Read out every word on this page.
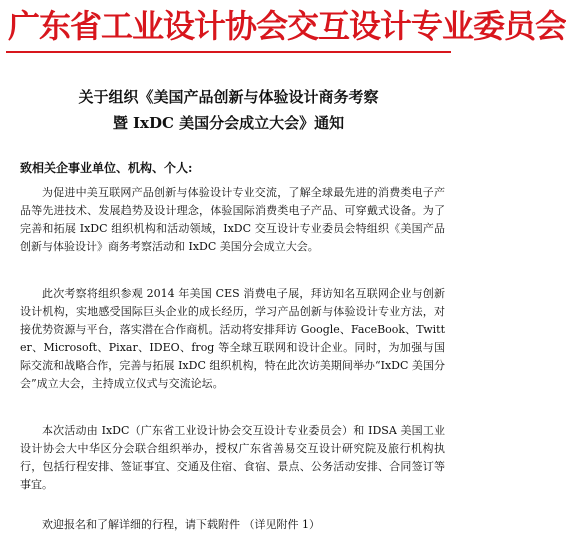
广东省工业设计协会交互设计专业委员会
关于组织《美国产品创新与体验设计商务考察
暨 IxDC 美国分会成立大会》通知
致相关企事业单位、机构、个人:
为促进中美互联网产品创新与体验设计专业交流，了解全球最先进的消费类电子产品等先进技术、发展趋势及设计理念，体验国际消费类电子产品、可穿戴式设备。为了完善和拓展 IxDC 组织机构和活动领域，IxDC 交互设计专业委员会特组织《美国产品创新与体验设计》商务考察活动和 IxDC 美国分会成立大会。
此次考察将组织参观 2014 年美国 CES 消费电子展，拜访知名互联网企业与创新设计机构，实地感受国际巨头企业的成长经历，学习产品创新与体验设计专业方法，对接优势资源与平台，落实潜在合作商机。活动将安排拜访 Google、FaceBook、Twitter、Microsoft、Pixar、IDEO、frog 等全球互联网和设计企业。同时，为加强与国际交流和战略合作，完善与拓展 IxDC 组织机构，特在此次访美期间举办“IxDC 美国分会”成立大会，主持成立仪式与交流论坛。
本次活动由 IxDC（广东省工业设计协会交互设计专业委员会）和 IDSA 美国工业设计协会大中华区分会联合组织举办，授权广东省善易交互设计研究院及旅行机构执行，包括行程安排、签证事宜、交通及住宿、食宿、景点、公务活动安排、合同签订等事宜。
欢迎报名和了解详细的行程，请下载附件 （详见附件 1）
